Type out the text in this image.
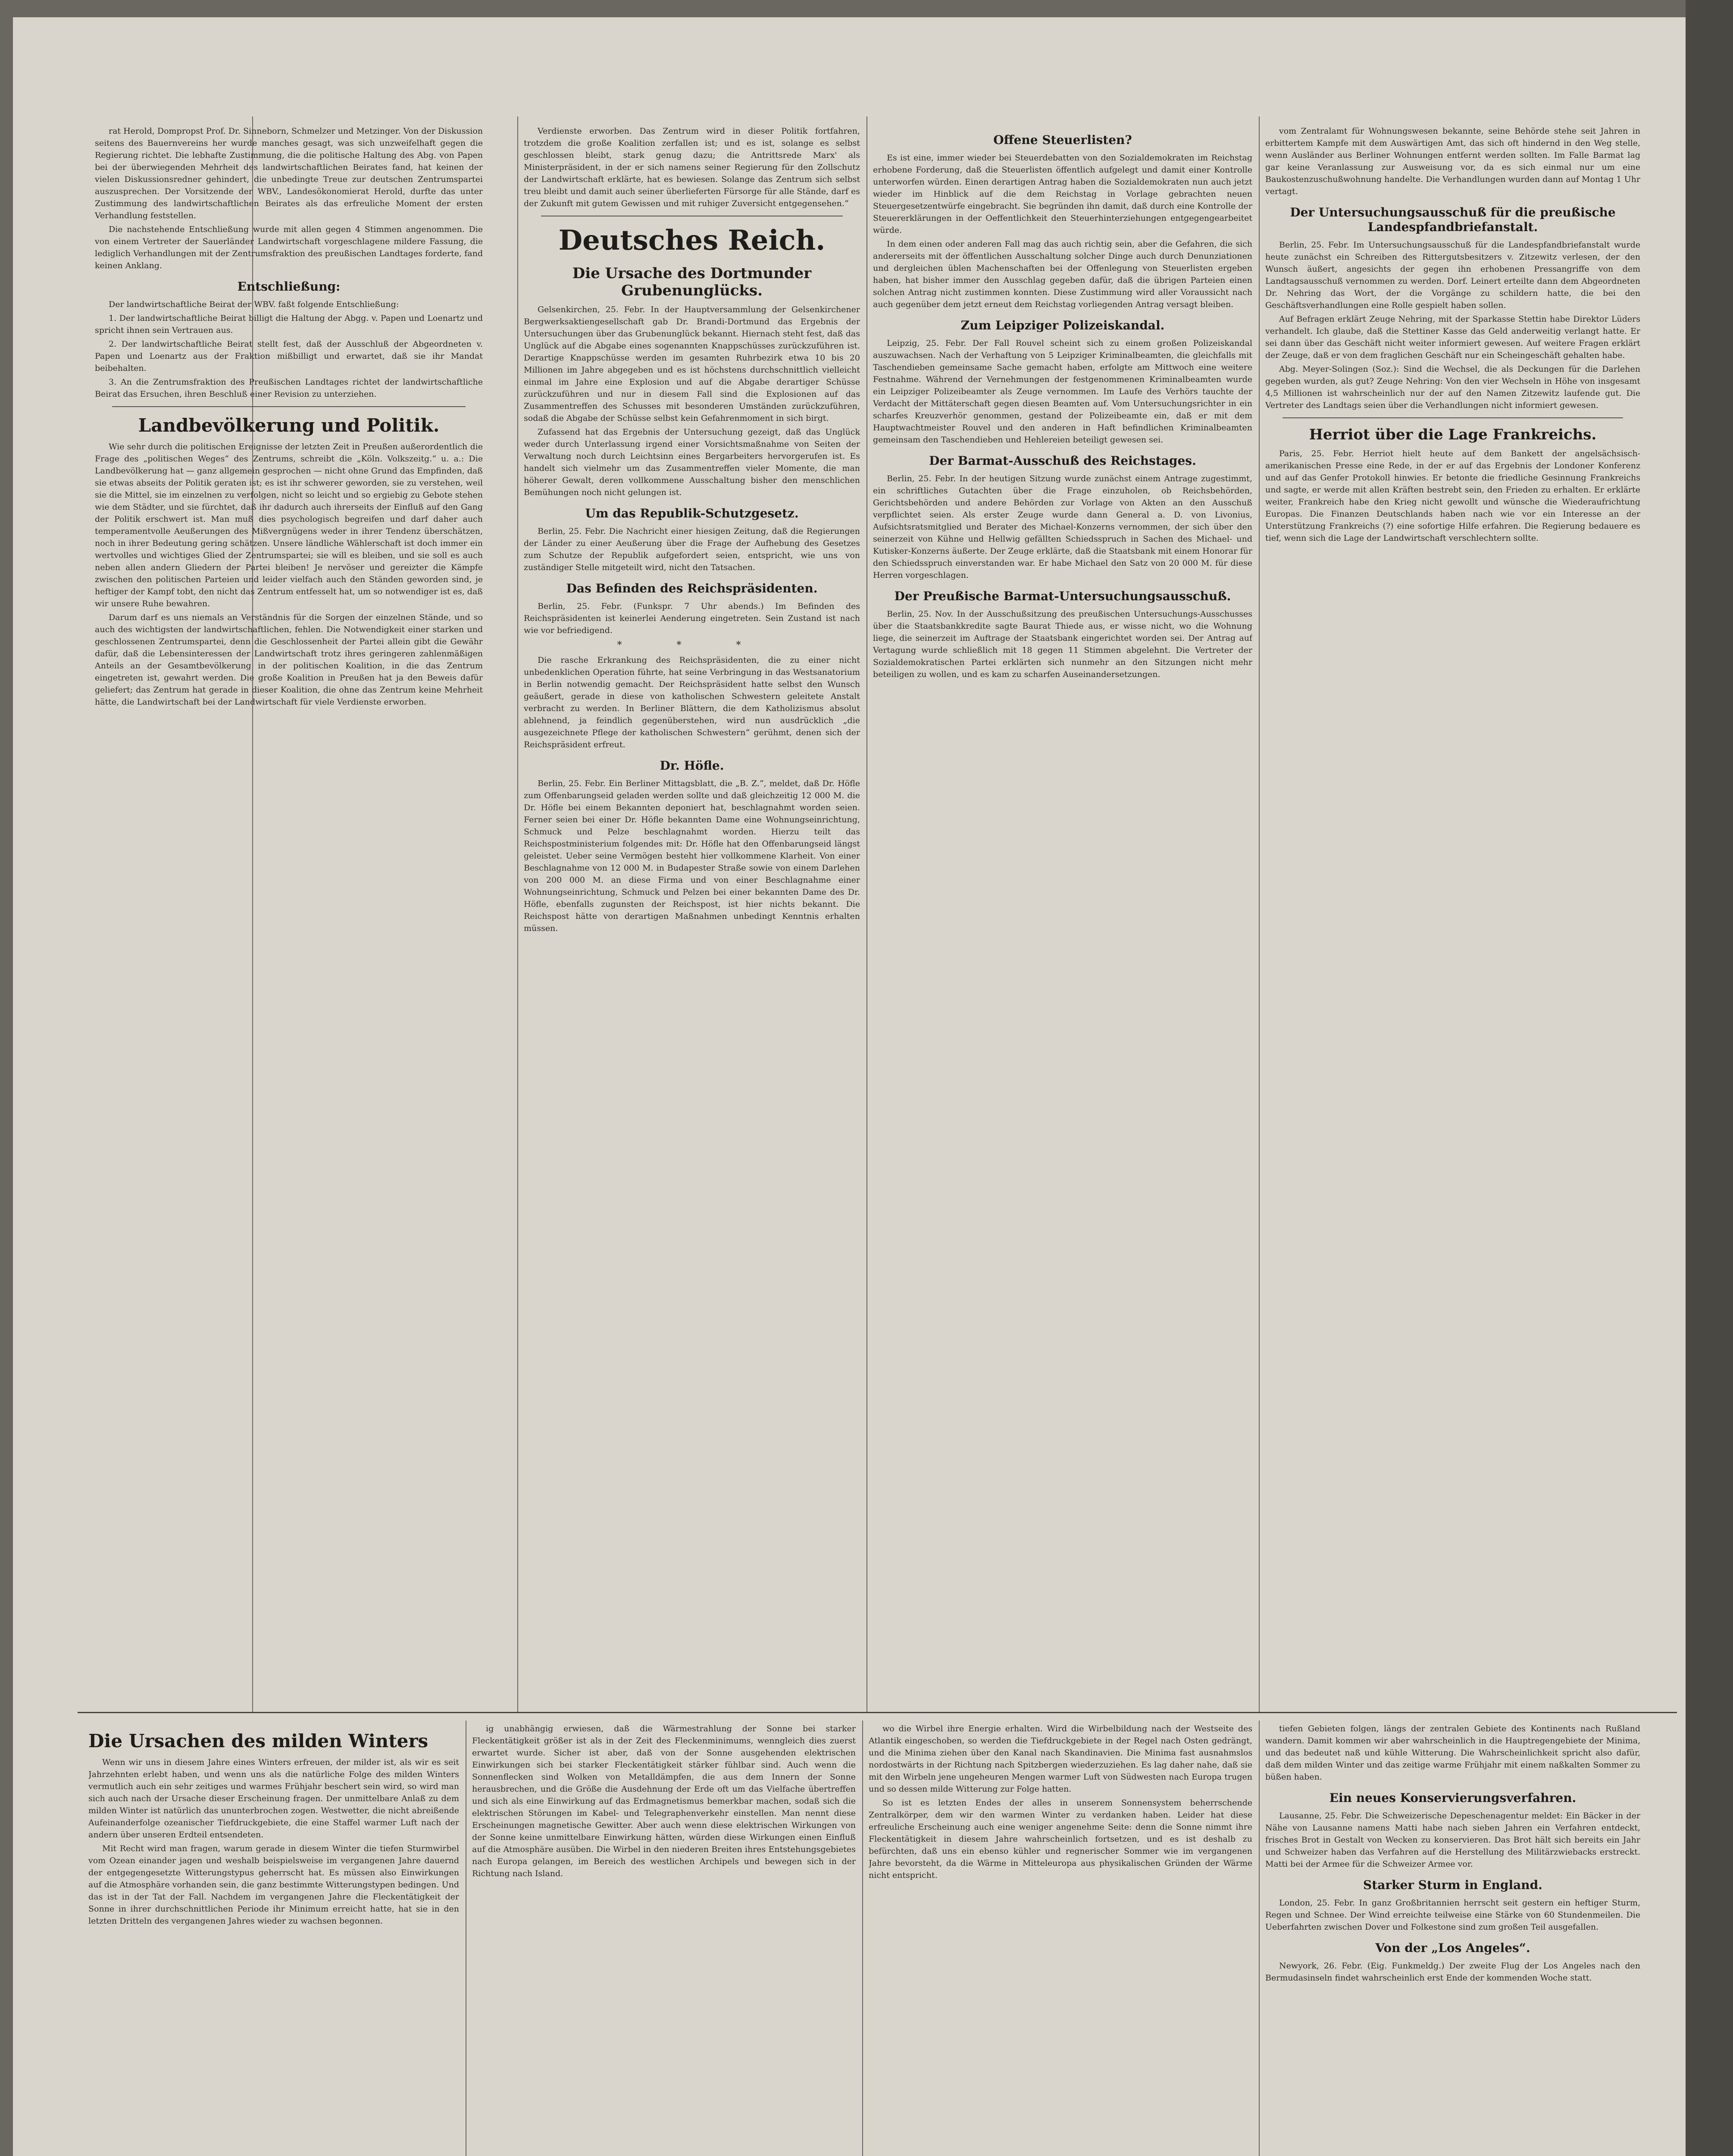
rat Herold, Dompropst Prof. Dr. Sinneborn, Schmelzer und Metzinger. Von der Diskussion seitens des Bauernvereins her wurde manches gesagt, was sich unzweifelhaft gegen die Regierung richtet. Die lebhafte Zustimmung, die die politische Haltung des Abg. von Papen bei der überwiegenden Mehrheit des landwirtschaftlichen Beirates fand, hat keinen der vielen Diskussionsredner gehindert, die unbedingte Treue zur deutschen Zentrumspartei auszusprechen. Der Vorsitzende der WBV., Landesökonomierat Herold, durfte das unter Zustimmung des landwirtschaftlichen Beirates als das erfreuliche Moment der ersten Verhandlung feststellen.

Die nachstehende Entschließung wurde mit allen gegen 4 Stimmen angenommen. Die von einem Vertreter der Sauerländer Landwirtschaft vorgeschlagene mildere Fassung, die lediglich Verhandlungen mit der Zentrumsfraktion des preußischen Landtages forderte, fand keinen Anklang.

Entschließung:

Der landwirtschaftliche Beirat der WBV. faßt folgende Entschließung:

1. Der landwirtschaftliche Beirat billigt die Haltung der Abgg. v. Papen und Loenartz und spricht ihnen sein Vertrauen aus.

2. Der landwirtschaftliche Beirat stellt fest, daß der Ausschluß der Abgeordneten v. Papen und Loenartz aus der Fraktion mißbilligt und erwartet, daß sie ihr Mandat beibehalten.

3. An die Zentrumsfraktion des Preußischen Landtages richtet der landwirtschaftliche Beirat das Ersuchen, ihren Beschluß einer Revision zu unterziehen.

Landbevölkerung und Politik.

Wie sehr durch die politischen Ereignisse der letzten Zeit in Preußen außerordentlich die Frage des „politischen Weges“ des Zentrums, schreibt die „Köln. Volkszeitg.“ u. a.: Die Landbevölkerung hat — ganz allgemein gesprochen — nicht ohne Grund das Empfinden, daß sie etwas abseits der Politik geraten ist; es ist ihr schwerer geworden, sie zu verstehen, weil sie die Mittel, sie im einzelnen zu verfolgen, nicht so leicht und so ergiebig zu Gebote stehen wie dem Städter, und sie fürchtet, daß ihr dadurch auch ihrerseits der Einfluß auf den Gang der Politik erschwert ist. Man muß dies psychologisch begreifen und darf daher auch temperamentvolle Aeußerungen des Mißvergnügens weder in ihrer Tendenz überschätzen, noch in ihrer Bedeutung gering schätzen. Unsere ländliche Wählerschaft ist doch immer ein wertvolles und wichtiges Glied der Zentrumspartei; sie will es bleiben, und sie soll es auch neben allen andern Gliedern der Partei bleiben! Je nervöser und gereizter die Kämpfe zwischen den politischen Parteien und leider vielfach auch den Ständen geworden sind, je heftiger der Kampf tobt, den nicht das Zentrum entfesselt hat, um so notwendiger ist es, daß wir unsere Ruhe bewahren.

Darum darf es uns niemals an Verständnis für die Sorgen der einzelnen Stände, und so auch des wichtigsten der landwirtschaftlichen, fehlen. Die Notwendigkeit einer starken und geschlossenen Zentrumspartei, denn die Geschlossenheit der Partei allein gibt die Gewähr dafür, daß die Lebensinteressen der Landwirtschaft trotz ihres geringeren zahlenmäßigen Anteils an der Gesamtbevölkerung in der politischen Koalition, in die das Zentrum eingetreten ist, gewahrt werden. Die große Koalition in Preußen hat ja den Beweis dafür geliefert; das Zentrum hat gerade in dieser Koalition, die ohne das Zentrum keine Mehrheit hätte, die Landwirtschaft bei der Landwirtschaft für viele Verdienste erworben.

Verdienste erworben. Das Zentrum wird in dieser Politik fortfahren, trotzdem die große Koalition zerfallen ist; und es ist, solange es selbst geschlossen bleibt, stark genug dazu; die Antrittsrede Marx' als Ministerpräsident, in der er sich namens seiner Regierung für den Zollschutz der Landwirtschaft erklärte, hat es bewiesen. Solange das Zentrum sich selbst treu bleibt und damit auch seiner überlieferten Fürsorge für alle Stände, darf es der Zukunft mit gutem Gewissen und mit ruhiger Zuversicht entgegensehen.“

Deutsches Reich.
Die Ursache des Dortmunder Grubenunglücks.

Gelsenkirchen, 25. Febr. In der Hauptversammlung der Gelsenkirchener Bergwerksaktiengesellschaft gab Dr. Brandi-Dortmund das Ergebnis der Untersuchungen über das Grubenunglück bekannt. Hiernach steht fest, daß das Unglück auf die Abgabe eines sogenannten Knappschüsses zurückzuführen ist. Derartige Knappschüsse werden im gesamten Ruhrbezirk etwa 10 bis 20 Millionen im Jahre abgegeben und es ist höchstens durchschnittlich vielleicht einmal im Jahre eine Explosion und auf die Abgabe derartiger Schüsse zurückzuführen und nur in diesem Fall sind die Explosionen auf das Zusammentreffen des Schusses mit besonderen Umständen zurückzuführen, sodaß die Abgabe der Schüsse selbst kein Gefahrenmoment in sich birgt.

Zufassend hat das Ergebnis der Untersuchung gezeigt, daß das Unglück weder durch Unterlassung irgend einer Vorsichtsmaßnahme von Seiten der Verwaltung noch durch Leichtsinn eines Bergarbeiters hervorgerufen ist. Es handelt sich vielmehr um das Zusammentreffen vieler Momente, die man höherer Gewalt, deren vollkommene Ausschaltung bisher den menschlichen Bemühungen noch nicht gelungen ist.

Um das Republik-Schutzgesetz.

Berlin, 25. Febr. Die Nachricht einer hiesigen Zeitung, daß die Regierungen der Länder zu einer Aeußerung über die Frage der Aufhebung des Gesetzes zum Schutze der Republik aufgefordert seien, entspricht, wie uns von zuständiger Stelle mitgeteilt wird, nicht den Tatsachen.

Das Befinden des Reichspräsidenten.

Berlin, 25. Febr. (Funkspr. 7 Uhr abends.) Im Befinden des Reichspräsidenten ist keinerlei Aenderung eingetreten. Sein Zustand ist nach wie vor befriedigend.

* * *

Die rasche Erkrankung des Reichspräsidenten, die zu einer nicht unbedenklichen Operation führte, hat seine Verbringung in das Westsanatorium in Berlin notwendig gemacht. Der Reichspräsident hatte selbst den Wunsch geäußert, gerade in diese von katholischen Schwestern geleitete Anstalt verbracht zu werden. In Berliner Blättern, die dem Katholizismus absolut ablehnend, ja feindlich gegenüberstehen, wird nun ausdrücklich „die ausgezeichnete Pflege der katholischen Schwestern“ gerühmt, denen sich der Reichspräsident erfreut.

Dr. Höfle.

Berlin, 25. Febr. Ein Berliner Mittagsblatt, die „B. Z.“, meldet, daß Dr. Höfle zum Offenbarungseid geladen werden sollte und daß gleichzeitig 12 000 M. die Dr. Höfle bei einem Bekannten deponiert hat, beschlagnahmt worden seien. Ferner seien bei einer Dr. Höfle bekannten Dame eine Wohnungseinrichtung, Schmuck und Pelze beschlagnahmt worden. Hierzu teilt das Reichspostministerium folgendes mit: Dr. Höfle hat den Offenbarungseid längst geleistet. Ueber seine Vermögen besteht hier vollkommene Klarheit. Von einer Beschlagnahme von 12 000 M. in Budapester Straße sowie von einem Darlehen von 200 000 M. an diese Firma und von einer Beschlagnahme einer Wohnungseinrichtung, Schmuck und Pelzen bei einer bekannten Dame des Dr. Höfle, ebenfalls zugunsten der Reichspost, ist hier nichts bekannt. Die Reichspost hätte von derartigen Maßnahmen unbedingt Kenntnis erhalten müssen.

Offene Steuerlisten?

Es ist eine, immer wieder bei Steuerdebatten von den Sozialdemokraten im Reichstag erhobene Forderung, daß die Steuerlisten öffentlich aufgelegt und damit einer Kontrolle unterworfen würden. Einen derartigen Antrag haben die Sozialdemokraten nun auch jetzt wieder im Hinblick auf die dem Reichstag in Vorlage gebrachten neuen Steuergesetzentwürfe eingebracht. Sie begründen ihn damit, daß durch eine Kontrolle der Steuererklärungen in der Oeffentlichkeit den Steuerhinterziehungen entgegengearbeitet würde.

In dem einen oder anderen Fall mag das auch richtig sein, aber die Gefahren, die sich andererseits mit der öffentlichen Ausschaltung solcher Dinge auch durch Denunziationen und dergleichen üblen Machenschaften bei der Offenlegung von Steuerlisten ergeben haben, hat bisher immer den Ausschlag gegeben dafür, daß die übrigen Parteien einen solchen Antrag nicht zustimmen konnten. Diese Zustimmung wird aller Voraussicht nach auch gegenüber dem jetzt erneut dem Reichstag vorliegenden Antrag versagt bleiben.

Zum Leipziger Polizeiskandal.

Leipzig, 25. Febr. Der Fall Rouvel scheint sich zu einem großen Polizeiskandal auszuwachsen. Nach der Verhaftung von 5 Leipziger Kriminalbeamten, die gleichfalls mit Taschendieben gemeinsame Sache gemacht haben, erfolgte am Mittwoch eine weitere Festnahme. Während der Vernehmungen der festgenommenen Kriminalbeamten wurde ein Leipziger Polizeibeamter als Zeuge vernommen. Im Laufe des Verhörs tauchte der Verdacht der Mittäterschaft gegen diesen Beamten auf. Vom Untersuchungsrichter in ein scharfes Kreuzverhör genommen, gestand der Polizeibeamte ein, daß er mit dem Hauptwachtmeister Rouvel und den anderen in Haft befindlichen Kriminalbeamten gemeinsam den Taschendieben und Hehlereien beteiligt gewesen sei.

Der Barmat-Ausschuß des Reichstages.

Berlin, 25. Febr. In der heutigen Sitzung wurde zunächst einem Antrage zugestimmt, ein schriftliches Gutachten über die Frage einzuholen, ob Reichsbehörden, Gerichtsbehörden und andere Behörden zur Vorlage von Akten an den Ausschuß verpflichtet seien. Als erster Zeuge wurde dann General a. D. von Livonius, Aufsichtsratsmitglied und Berater des Michael-Konzerns vernommen, der sich über den seinerzeit von Kühne und Hellwig gefällten Schiedsspruch in Sachen des Michael- und Kutisker-Konzerns äußerte. Der Zeuge erklärte, daß die Staatsbank mit einem Honorar für den Schiedsspruch einverstanden war. Er habe Michael den Satz von 20 000 M. für diese Herren vorgeschlagen.

Der Preußische Barmat-Untersuchungsausschuß.

Berlin, 25. Nov. In der Ausschußsitzung des preußischen Untersuchungs-Ausschusses über die Staatsbankkredite sagte Baurat Thiede aus, er wisse nicht, wo die Wohnung liege, die seinerzeit im Auftrage der Staatsbank eingerichtet worden sei. Der Antrag auf Vertagung wurde schließlich mit 18 gegen 11 Stimmen abgelehnt. Die Vertreter der Sozialdemokratischen Partei erklärten sich nunmehr an den Sitzungen nicht mehr beteiligen zu wollen, und es kam zu scharfen Auseinandersetzungen.

vom Zentralamt für Wohnungswesen bekannte, seine Behörde stehe seit Jahren in erbittertem Kampfe mit dem Auswärtigen Amt, das sich oft hindernd in den Weg stelle, wenn Ausländer aus Berliner Wohnungen entfernt werden sollten. Im Falle Barmat lag gar keine Veranlassung zur Ausweisung vor, da es sich einmal nur um eine Baukostenzuschußwohnung handelte. Die Verhandlungen wurden dann auf Montag 1 Uhr vertagt.

Der Untersuchungsausschuß für die preußische Landespfandbriefanstalt.

Berlin, 25. Febr. Im Untersuchungsausschuß für die Landespfandbriefanstalt wurde heute zunächst ein Schreiben des Rittergutsbesitzers v. Zitzewitz verlesen, der den Wunsch äußert, angesichts der gegen ihn erhobenen Pressangriffe von dem Landtagsausschuß vernommen zu werden. Dorf. Leinert erteilte dann dem Abgeordneten Dr. Nehring das Wort, der die Vorgänge zu schildern hatte, die bei den Geschäftsverhandlungen eine Rolle gespielt haben sollen.

Auf Befragen erklärt Zeuge Nehring, mit der Sparkasse Stettin habe Direktor Lüders verhandelt. Ich glaube, daß die Stettiner Kasse das Geld anderweitig verlangt hatte. Er sei dann über das Geschäft nicht weiter informiert gewesen. Auf weitere Fragen erklärt der Zeuge, daß er von dem fraglichen Geschäft nur ein Scheingeschäft gehalten habe.

Abg. Meyer-Solingen (Soz.): Sind die Wechsel, die als Deckungen für die Darlehen gegeben wurden, als gut? Zeuge Nehring: Von den vier Wechseln in Höhe von insgesamt 4,5 Millionen ist wahrscheinlich nur der auf den Namen Zitzewitz laufende gut. Die Vertreter des Landtags seien über die Verhandlungen nicht informiert gewesen.

Herriot über die Lage Frankreichs.

Paris, 25. Febr. Herriot hielt heute auf dem Bankett der angelsächsisch-amerikanischen Presse eine Rede, in der er auf das Ergebnis der Londoner Konferenz und auf das Genfer Protokoll hinwies. Er betonte die friedliche Gesinnung Frankreichs und sagte, er werde mit allen Kräften bestrebt sein, den Frieden zu erhalten. Er erklärte weiter, Frankreich habe den Krieg nicht gewollt und wünsche die Wiederaufrichtung Europas. Die Finanzen Deutschlands haben nach wie vor ein Interesse an der Unterstützung Frankreichs (?) eine sofortige Hilfe erfahren. Die Regierung bedauere es tief, wenn sich die Lage der Landwirtschaft verschlechtern sollte.

Die Ursachen des milden Winters

Wenn wir uns in diesem Jahre eines Winters erfreuen, der milder ist, als wir es seit Jahrzehnten erlebt haben, und wenn uns als die natürliche Folge des milden Winters vermutlich auch ein sehr zeitiges und warmes Frühjahr beschert sein wird, so wird man sich auch nach der Ursache dieser Erscheinung fragen. Der unmittelbare Anlaß zu dem milden Winter ist natürlich das ununterbrochen zogen. Westwetter, die nicht abreißende Aufeinanderfolge ozeanischer Tiefdruckgebiete, die eine Staffel warmer Luft nach der andern über unseren Erdteil entsendeten.

Mit Recht wird man fragen, warum gerade in diesem Winter die tiefen Sturmwirbel vom Ozean einander jagen und weshalb beispielsweise im vergangenen Jahre dauernd der entgegengesetzte Witterungstypus geherrscht hat. Es müssen also Einwirkungen auf die Atmosphäre vorhanden sein, die ganz bestimmte Witterungstypen bedingen. Und das ist in der Tat der Fall. Nachdem im vergangenen Jahre die Fleckentätigkeit der Sonne in ihrer durchschnittlichen Periode ihr Minimum erreicht hatte, hat sie in den letzten Dritteln des vergangenen Jahres wieder zu wachsen begonnen.

ig unabhängig erwiesen, daß die Wärmestrahlung der Sonne bei starker Fleckentätigkeit größer ist als in der Zeit des Fleckenminimums, wenngleich dies zuerst erwartet wurde. Sicher ist aber, daß von der Sonne ausgehenden elektrischen Einwirkungen sich bei starker Fleckentätigkeit stärker fühlbar sind. Auch wenn die Sonnenflecken sind Wolken von Metalldämpfen, die aus dem Innern der Sonne herausbrechen, und die Größe die Ausdehnung der Erde oft um das Vielfache übertreffen und sich als eine Einwirkung auf das Erdmagnetismus bemerkbar machen, sodaß sich die elektrischen Störungen im Kabel- und Telegraphenverkehr einstellen. Man nennt diese Erscheinungen magnetische Gewitter. Aber auch wenn diese elektrischen Wirkungen von der Sonne keine unmittelbare Einwirkung hätten, würden diese Wirkungen einen Einfluß auf die Atmosphäre ausüben. Die Wirbel in den niederen Breiten ihres Entstehungsgebietes nach Europa gelangen, im Bereich des westlichen Archipels und bewegen sich in der Richtung nach Island.

wo die Wirbel ihre Energie erhalten. Wird die Wirbelbildung nach der Westseite des Atlantik eingeschoben, so werden die Tiefdruckgebiete in der Regel nach Osten gedrängt, und die Minima ziehen über den Kanal nach Skandinavien. Die Minima fast ausnahmslos nordostwärts in der Richtung nach Spitzbergen wiederzuziehen. Es lag daher nahe, daß sie mit den Wirbeln jene ungeheuren Mengen warmer Luft von Südwesten nach Europa trugen und so dessen milde Witterung zur Folge hatten.

So ist es letzten Endes der alles in unserem Sonnensystem beherrschende Zentralkörper, dem wir den warmen Winter zu verdanken haben. Leider hat diese erfreuliche Erscheinung auch eine weniger angenehme Seite: denn die Sonne nimmt ihre Fleckentätigkeit in diesem Jahre wahrscheinlich fortsetzen, und es ist deshalb zu befürchten, daß uns ein ebenso kühler und regnerischer Sommer wie im vergangenen Jahre bevorsteht, da die Wärme in Mitteleuropa aus physikalischen Gründen der Wärme nicht entspricht.

tiefen Gebieten folgen, längs der zentralen Gebiete des Kontinents nach Rußland wandern. Damit kommen wir aber wahrscheinlich in die Hauptregengebiete der Minima, und das bedeutet naß und kühle Witterung. Die Wahrscheinlichkeit spricht also dafür, daß dem milden Winter und das zeitige warme Frühjahr mit einem naßkalten Sommer zu büßen haben.

Ein neues Konservierungsverfahren.

Lausanne, 25. Febr. Die Schweizerische Depeschenagentur meldet: Ein Bäcker in der Nähe von Lausanne namens Matti habe nach sieben Jahren ein Verfahren entdeckt, frisches Brot in Gestalt von Wecken zu konservieren. Das Brot hält sich bereits ein Jahr und Schweizer haben das Verfahren auf die Herstellung des Militärzwiebacks erstreckt. Matti bei der Armee für die Schweizer Armee vor.

Starker Sturm in England.

London, 25. Febr. In ganz Großbritannien herrscht seit gestern ein heftiger Sturm, Regen und Schnee. Der Wind erreichte teilweise eine Stärke von 60 Stundenmeilen. Die Ueberfahrten zwischen Dover und Folkestone sind zum großen Teil ausgefallen.

Von der „Los Angeles“.

Newyork, 26. Febr. (Eig. Funkmeldg.) Der zweite Flug der Los Angeles nach den Bermudasinseln findet wahrscheinlich erst Ende der kommenden Woche statt.
